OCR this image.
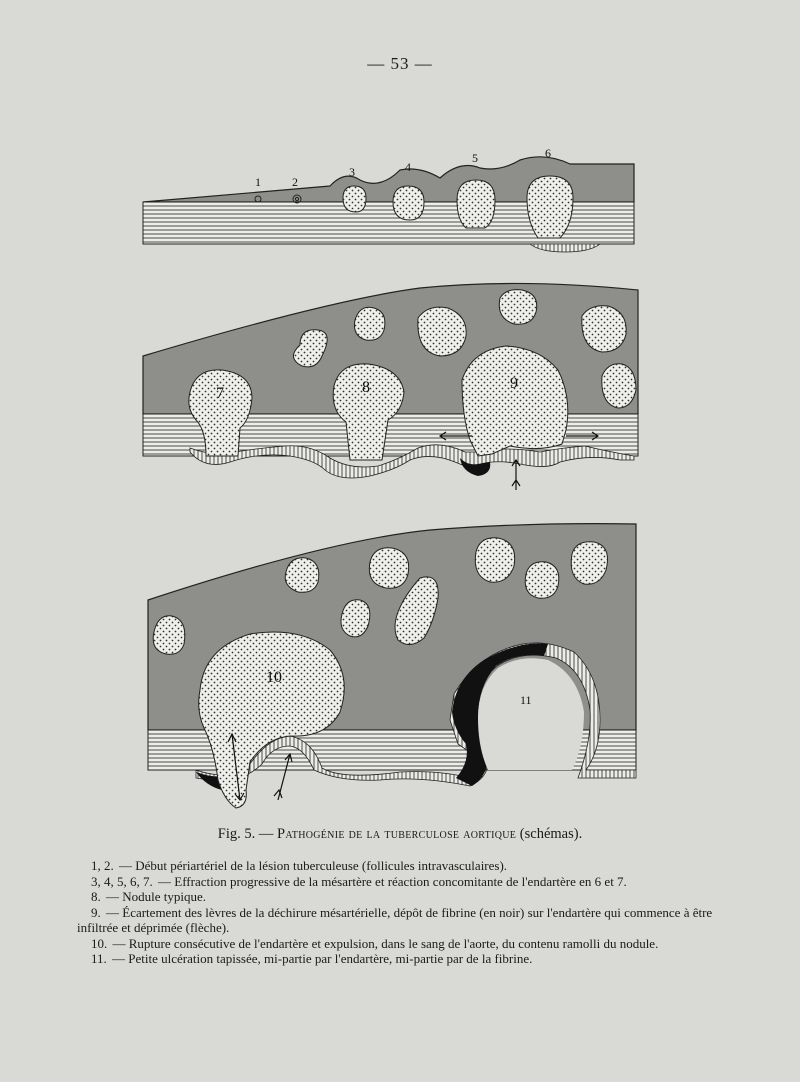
— 53 —
1	2
3	4
5	6
7	8	9
10
11
Fig. 5. — Pathogénie de la tuberculose aortique (schémas).

1, 2. — Début périartériel de la lésion tuberculeuse (follicules intravasculaires).

3, 4, 5, 6, 7. — Effraction progressive de la mésartère et réaction concomitante de l'endartère en 6 et 7.

8. — Nodule typique.

9. — Écartement des lèvres de la déchirure mésartérielle, dépôt de fibrine (en noir) sur l'endartère qui commence à être infiltrée et déprimée (flèche).

10. — Rupture consécutive de l'endartère et expulsion, dans le sang de l'aorte, du contenu ramolli du nodule.

11. — Petite ulcération tapissée, mi-partie par l'endartère, mi-partie par de la fibrine.
